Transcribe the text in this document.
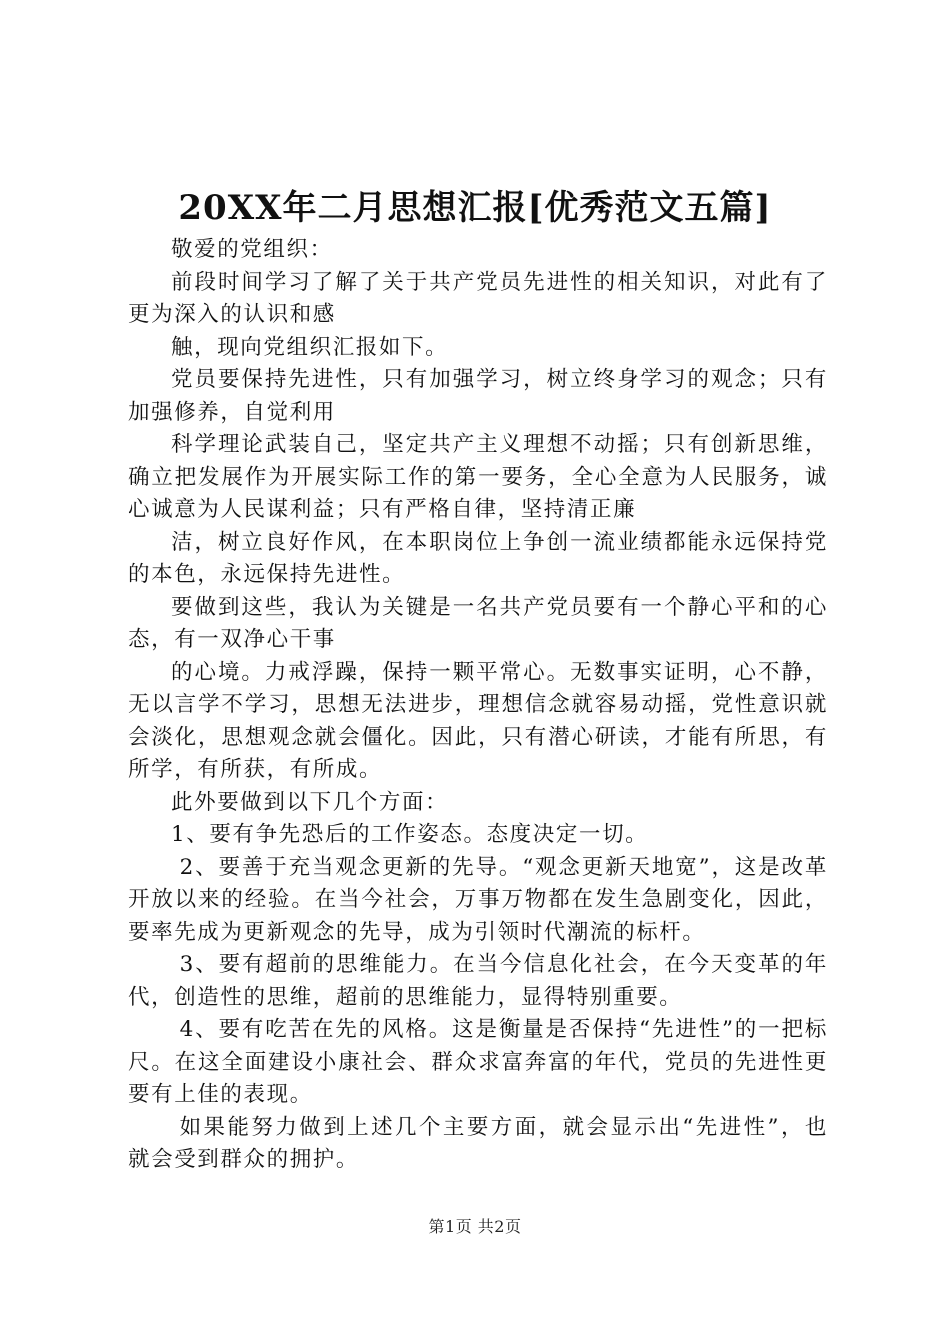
20XX年二月思想汇报[优秀范文五篇]

敬爱的党组织：

前段时间学习了解了关于共产党员先进性的相关知识，对此有了更为深入的认识和感

触，现向党组织汇报如下。

党员要保持先进性，只有加强学习，树立终身学习的观念；只有加强修养，自觉利用

科学理论武装自己，坚定共产主义理想不动摇；只有创新思维，确立把发展作为开展实际工作的第一要务，全心全意为人民服务，诚心诚意为人民谋利益；只有严格自律，坚持清正廉

洁，树立良好作风，在本职岗位上争创一流业绩都能永远保持党的本色，永远保持先进性。

要做到这些，我认为关键是一名共产党员要有一个静心平和的心态，有一双净心干事

的心境。力戒浮躁，保持一颗平常心。无数事实证明，心不静，无以言学不学习，思想无法进步，理想信念就容易动摇，党性意识就会淡化，思想观念就会僵化。因此，只有潜心研读，才能有所思，有所学，有所获，有所成。

此外要做到以下几个方面：

1、要有争先恐后的工作姿态。态度决定一切。

2、要善于充当观念更新的先导。“观念更新天地宽”，这是改革开放以来的经验。在当今社会，万事万物都在发生急剧变化，因此，要率先成为更新观念的先导，成为引领时代潮流的标杆。

3、要有超前的思维能力。在当今信息化社会，在今天变革的年代，创造性的思维，超前的思维能力，显得特别重要。

4、要有吃苦在先的风格。这是衡量是否保持“先进性”的一把标尺。在这全面建设小康社会、群众求富奔富的年代，党员的先进性更要有上佳的表现。

如果能努力做到上述几个主要方面，就会显示出“先进性”，也就会受到群众的拥护。

第1页 共2页
